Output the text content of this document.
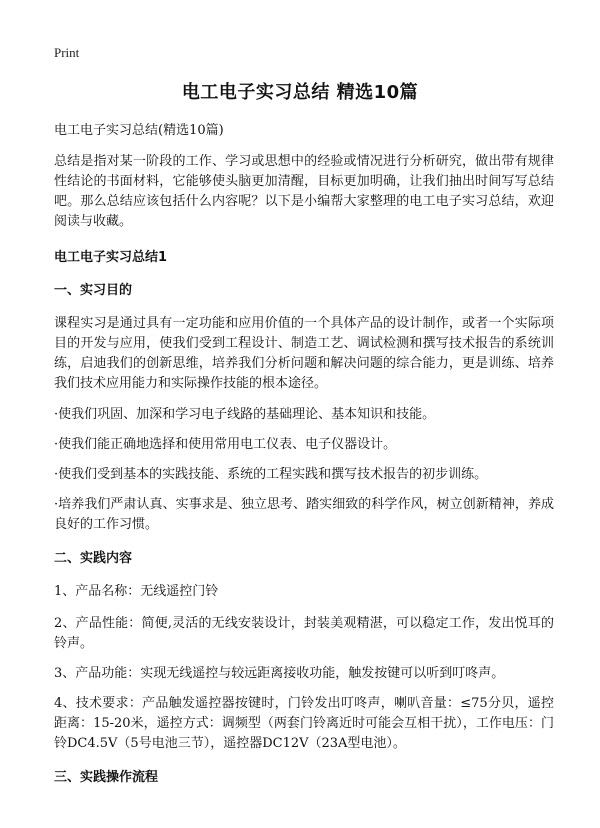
Print
电工电子实习总结 精选10篇

电工电子实习总结(精选10篇)

总结是指对某一阶段的工作、学习或思想中的经验或情况进行分析研究，做出带有规律性结论的书面材料，它能够使头脑更加清醒，目标更加明确，让我们抽出时间写写总结吧。那么总结应该包括什么内容呢？以下是小编帮大家整理的电工电子实习总结，欢迎阅读与收藏。

电工电子实习总结1
一、实习目的

课程实习是通过具有一定功能和应用价值的一个具体产品的设计制作，或者一个实际项目的开发与应用，使我们受到工程设计、制造工艺、调试检测和撰写技术报告的系统训练，启迪我们的创新思维，培养我们分析问题和解决问题的综合能力，更是训练、培养我们技术应用能力和实际操作技能的根本途径。

·使我们巩固、加深和学习电子线路的基础理论、基本知识和技能。

·使我们能正确地选择和使用常用电工仪表、电子仪器设计。

·使我们受到基本的实践技能、系统的工程实践和撰写技术报告的初步训练。

·培养我们严肃认真、实事求是、独立思考、踏实细致的科学作风，树立创新精神，养成良好的工作习惯。

二、实践内容

1、产品名称：无线遥控门铃

2、产品性能：简便,灵活的无线安装设计，封装美观精湛，可以稳定工作，发出悦耳的铃声。

3、产品功能：实现无线遥控与较远距离接收功能，触发按键可以听到叮咚声。

4、技术要求：产品触发遥控器按键时，门铃发出叮咚声，喇叭音量：≤75分贝，遥控距离：15-20米，遥控方式：调频型（两套门铃离近时可能会互相干扰），工作电压：门铃DC4.5V（5号电池三节），遥控器DC12V（23A型电池）。

三、实践操作流程
